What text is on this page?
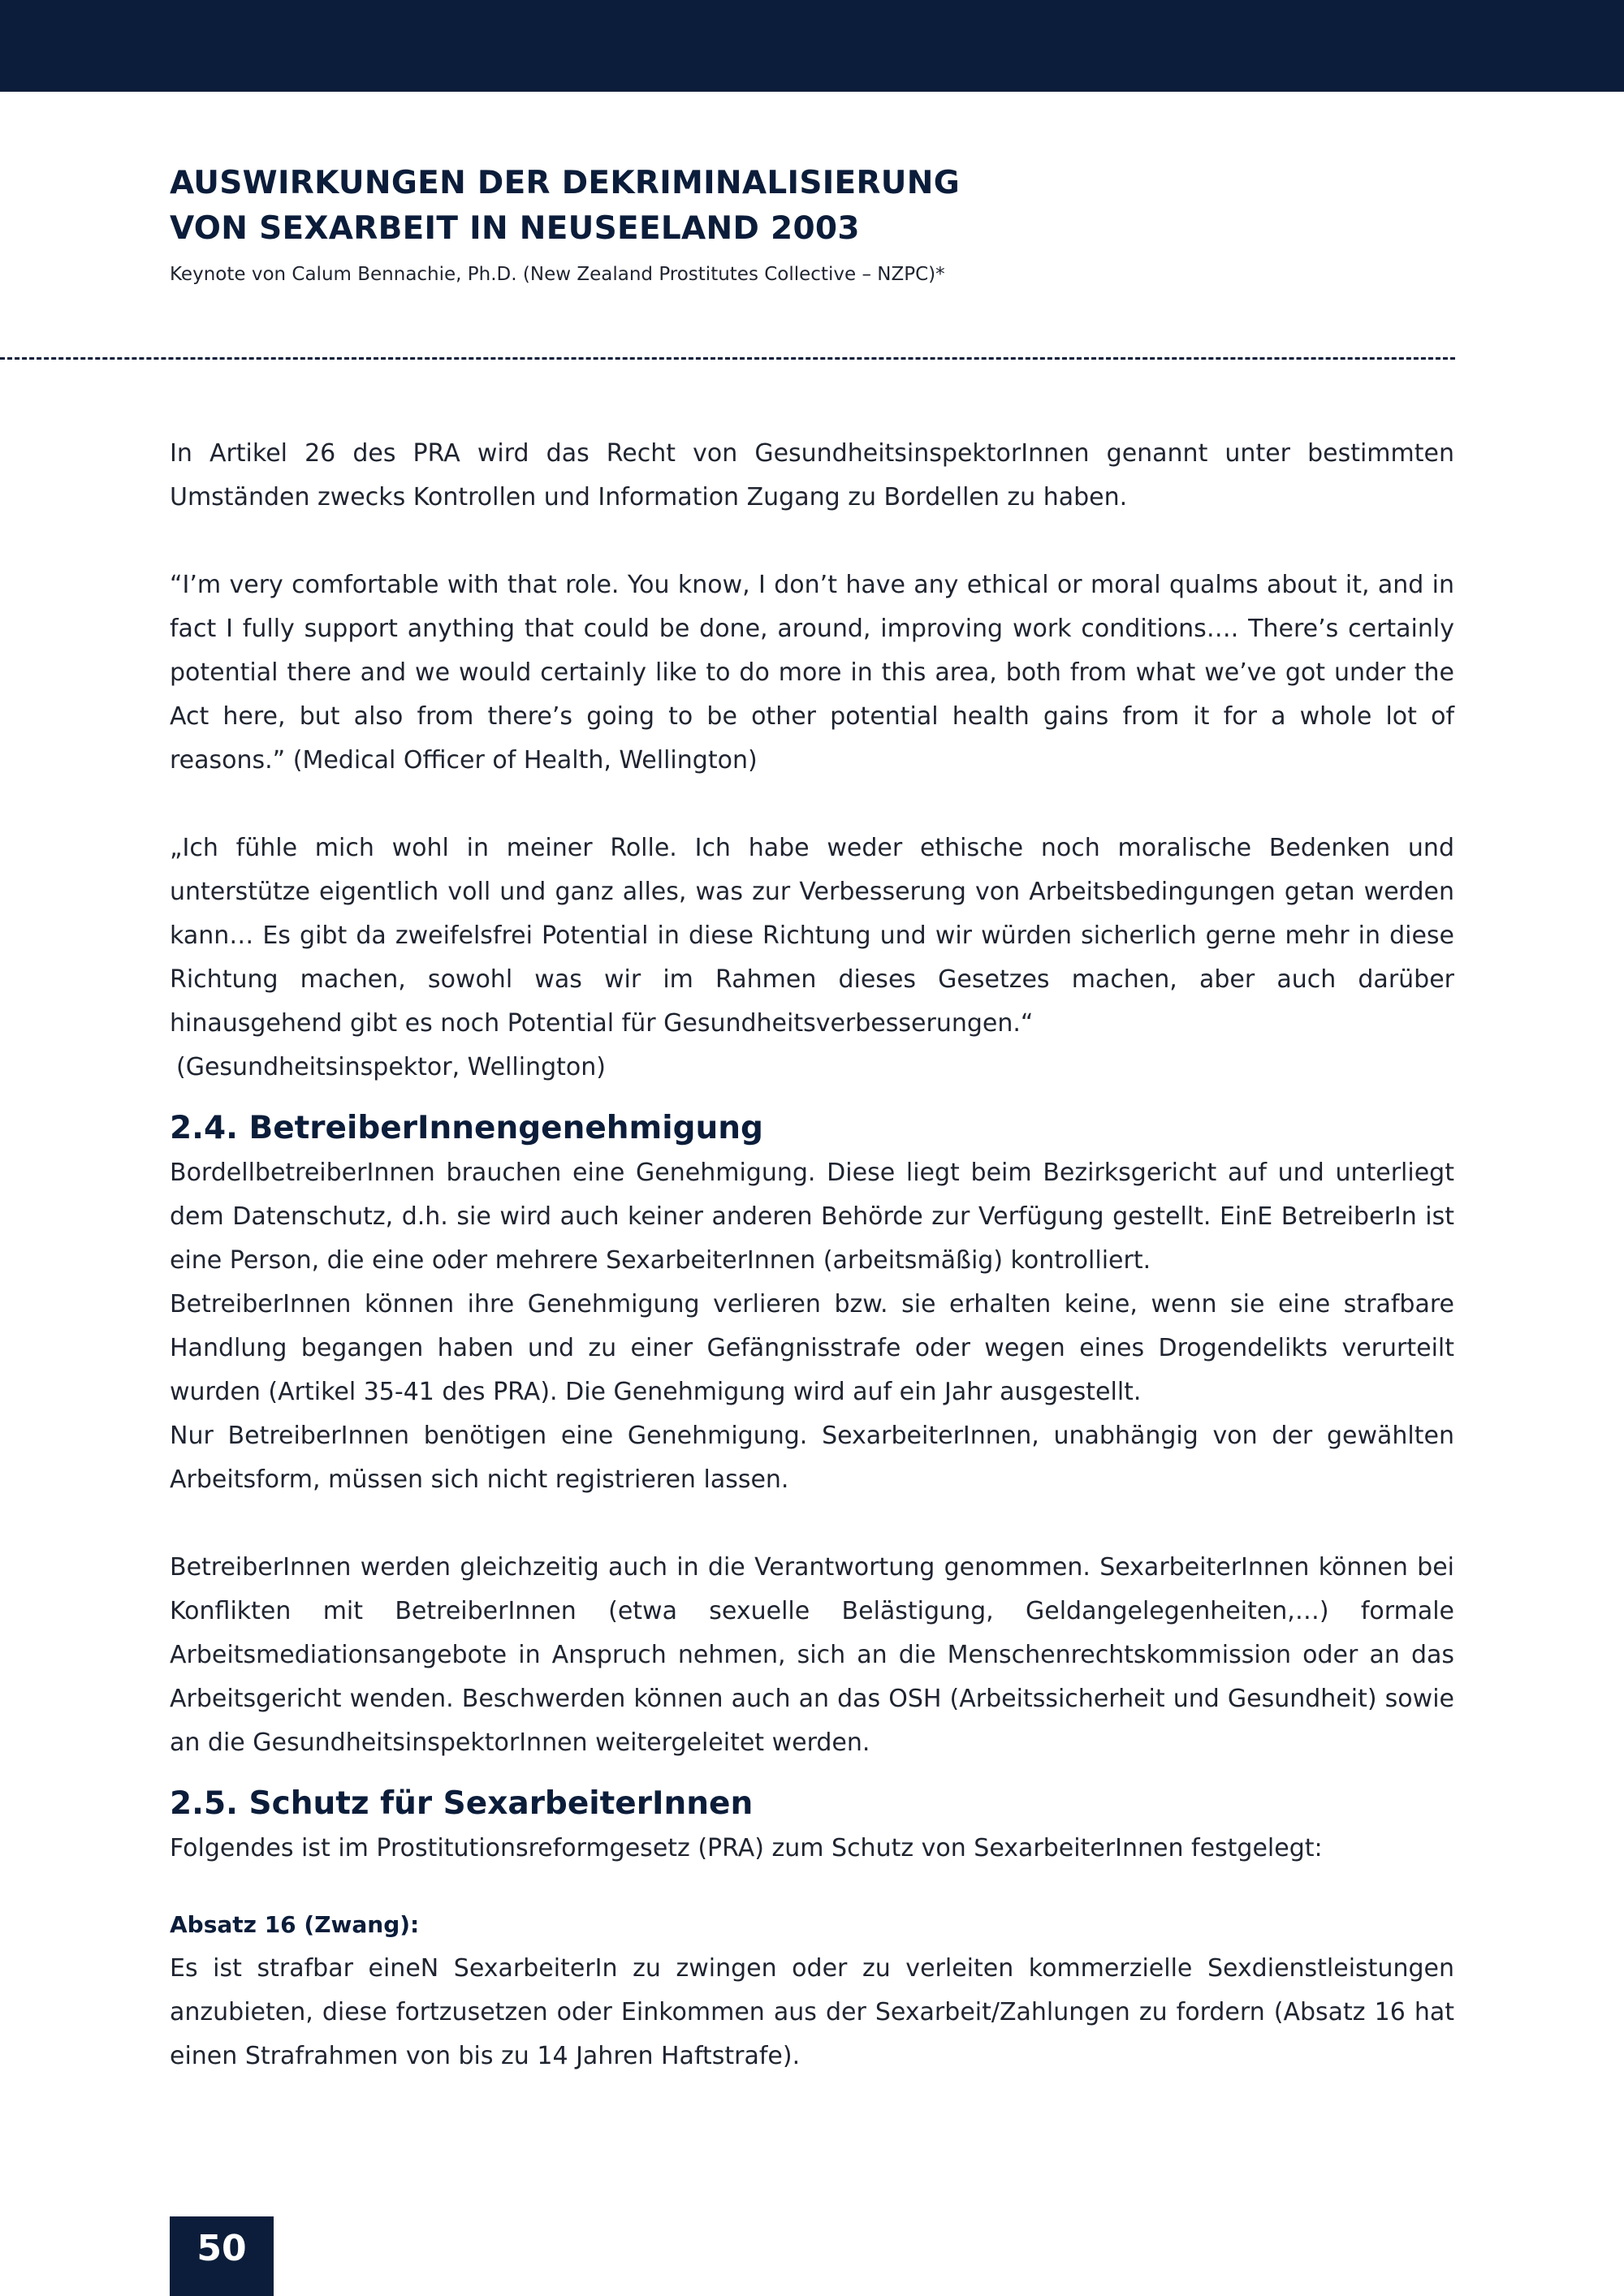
AUSWIRKUNGEN DER DEKRIMINALISIERUNG
VON SEXARBEIT IN NEUSEELAND 2003
Keynote von Calum Bennachie, Ph.D. (New Zealand Prostitutes Collective – NZPC)*

In Artikel 26 des PRA wird das Recht von GesundheitsinspektorInnen genannt unter bestimmten Umständen zwecks Kontrollen und Information Zugang zu Bordellen zu haben.

“I’m very comfortable with that role. You know, I don’t have any ethical or moral qualms about it, and in fact I fully support anything that could be done, around, improving work conditions…. There’s certainly potential there and we would certainly like to do more in this area, both from what we’ve got under the Act here, but also from there’s going to be other potential health gains from it for a whole lot of reasons.” (Medical Officer of Health, Wellington)

„Ich fühle mich wohl in meiner Rolle. Ich habe weder ethische noch moralische Bedenken und unterstütze eigentlich voll und ganz alles, was zur Verbesserung von Arbeitsbedingungen getan werden kann… Es gibt da zweifelsfrei Potential in diese Richtung und wir würden sicherlich gerne mehr in diese Richtung machen, sowohl was wir im Rahmen dieses Gesetzes machen, aber auch darüber hinausgehend gibt es noch Potential für Gesundheitsverbesserungen.“

(Gesundheitsinspektor, Wellington)

2.4. BetreiberInnengenehmigung

BordellbetreiberInnen brauchen eine Genehmigung. Diese liegt beim Bezirksgericht auf und unterliegt dem Datenschutz, d.h. sie wird auch keiner anderen Behörde zur Verfügung gestellt. EinE BetreiberIn ist eine Person, die eine oder mehrere SexarbeiterInnen (arbeitsmäßig) kontrolliert.

BetreiberInnen können ihre Genehmigung verlieren bzw. sie erhalten keine, wenn sie eine strafbare Handlung begangen haben und zu einer Gefängnisstrafe oder wegen eines Drogendelikts verurteilt wurden (Artikel 35-41 des PRA). Die Genehmigung wird auf ein Jahr ausgestellt.

Nur BetreiberInnen benötigen eine Genehmigung. SexarbeiterInnen, unabhängig von der gewählten Arbeitsform, müssen sich nicht registrieren lassen.

BetreiberInnen werden gleichzeitig auch in die Verantwortung genommen. SexarbeiterInnen können bei Konflikten mit BetreiberInnen (etwa sexuelle Belästigung, Geldangelegenheiten,…) formale Arbeitsmediationsangebote in Anspruch nehmen, sich an die Menschenrechtskommission oder an das Arbeitsgericht wenden. Beschwerden können auch an das OSH (Arbeitssicherheit und Gesundheit) sowie an die GesundheitsinspektorInnen weitergeleitet werden.

2.5. Schutz für SexarbeiterInnen

Folgendes ist im Prostitutionsreformgesetz (PRA) zum Schutz von SexarbeiterInnen festgelegt:

Absatz 16 (Zwang):

Es ist strafbar eineN SexarbeiterIn zu zwingen oder zu verleiten kommerzielle Sexdienstleistungen anzubieten, diese fortzusetzen oder Einkommen aus der Sexarbeit/Zahlungen zu fordern (Absatz 16 hat einen Strafrahmen von bis zu 14 Jahren Haftstrafe).

50
